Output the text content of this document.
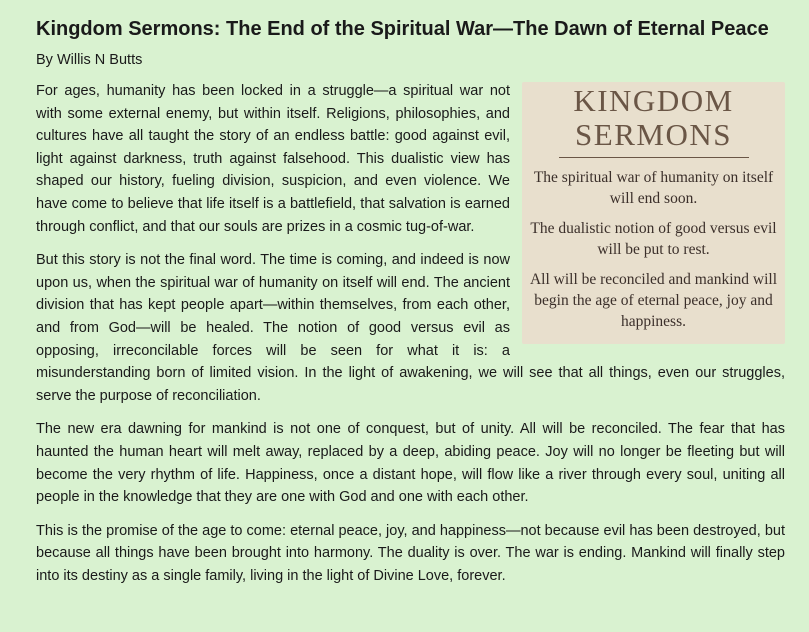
Kingdom Sermons: The End of the Spiritual War—The Dawn of Eternal Peace
By Willis N Butts
KINGDOM
SERMONS
The spiritual war of humanity on itself will end soon.
The dualistic notion of good versus evil will be put to rest.
All will be reconciled and mankind will begin the age of eternal peace, joy and happiness.

For ages, humanity has been locked in a struggle—a spiritual war not with some external enemy, but within itself. Religions, philosophies, and cultures have all taught the story of an endless battle: good against evil, light against darkness, truth against falsehood. This dualistic view has shaped our history, fueling division, suspicion, and even violence. We have come to believe that life itself is a battlefield, that salvation is earned through conflict, and that our souls are prizes in a cosmic tug-of-war.

But this story is not the final word. The time is coming, and indeed is now upon us, when the spiritual war of humanity on itself will end. The ancient division that has kept people apart—within themselves, from each other, and from God—will be healed. The notion of good versus evil as opposing, irreconcilable forces will be seen for what it is: a misunderstanding born of limited vision. In the light of awakening, we will see that all things, even our struggles, serve the purpose of reconciliation.

The new era dawning for mankind is not one of conquest, but of unity. All will be reconciled. The fear that has haunted the human heart will melt away, replaced by a deep, abiding peace. Joy will no longer be fleeting but will become the very rhythm of life. Happiness, once a distant hope, will flow like a river through every soul, uniting all people in the knowledge that they are one with God and one with each other.

This is the promise of the age to come: eternal peace, joy, and happiness—not because evil has been destroyed, but because all things have been brought into harmony. The duality is over. The war is ending. Mankind will finally step into its destiny as a single family, living in the light of Divine Love, forever.
